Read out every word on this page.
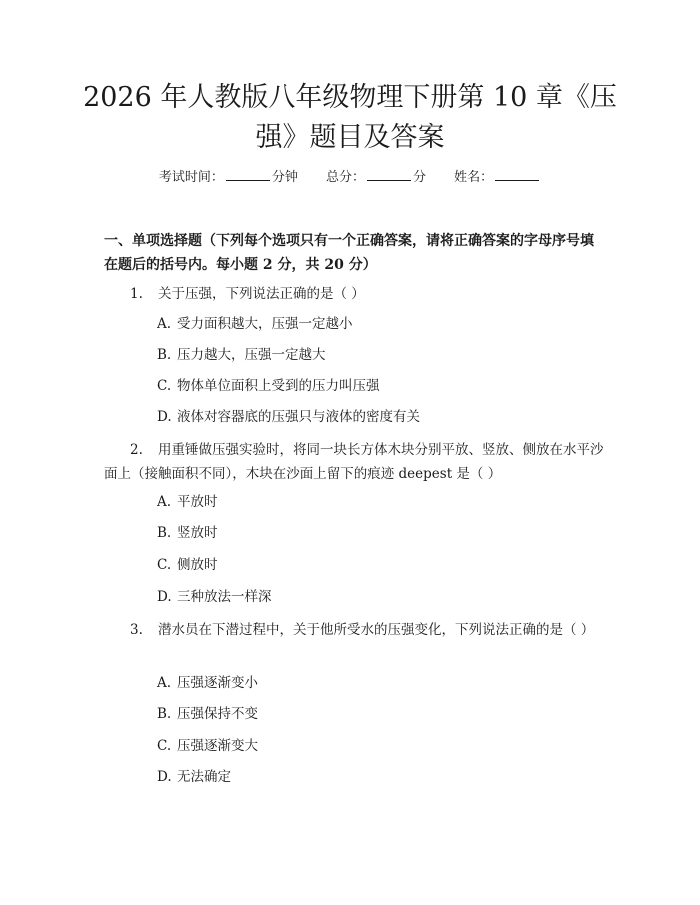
2026 年人教版八年级物理下册第 10 章《压强》题目及答案
考试时间：	分钟 总分：	分 姓名：

一、单项选择题（下列每个选项只有一个正确答案，请将正确答案的字母序号填在题后的括号内。每小题 2 分，共 20 分）

1. 关于压强，下列说法正确的是（ ）

A. 受力面积越大，压强一定越小

B. 压力越大，压强一定越大

C. 物体单位面积上受到的压力叫压强

D. 液体对容器底的压强只与液体的密度有关

2. 用重锤做压强实验时，将同一块长方体木块分别平放、竖放、侧放在水平沙面上（接触面积不同），木块在沙面上留下的痕迹 deepest 是（ ）

A. 平放时

B. 竖放时

C. 侧放时

D. 三种放法一样深

3. 潜水员在下潜过程中，关于他所受水的压强变化，下列说法正确的是（ ）

A. 压强逐渐变小

B. 压强保持不变

C. 压强逐渐变大

D. 无法确定
